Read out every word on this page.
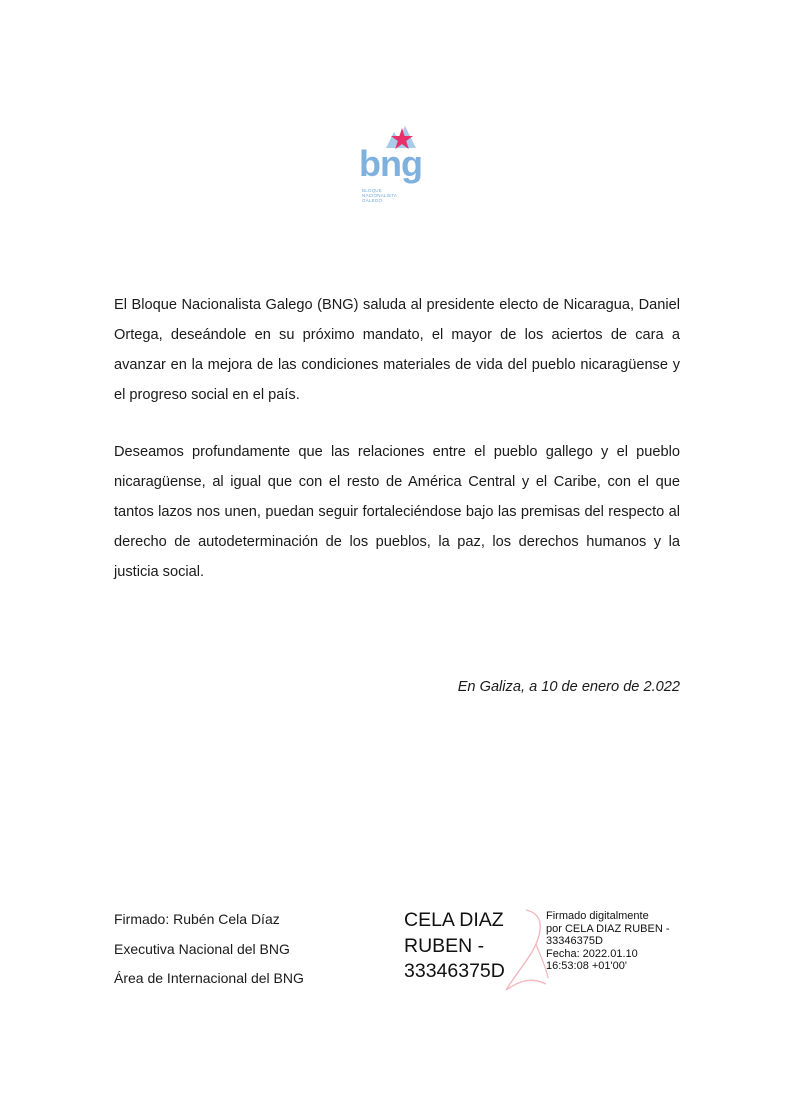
bng
BLOQUE
NACIONALISTA
GALEGO
El Bloque Nacionalista Galego (BNG) saluda al presidente electo de Nicaragua, Daniel Ortega, deseándole en su próximo mandato, el mayor de los aciertos de cara a avanzar en la mejora de las condiciones materiales de vida del pueblo nicaragüense y el progreso social en el país.
Deseamos profundamente que las relaciones entre el pueblo gallego y el pueblo nicaragüense, al igual que con el resto de América Central y el Caribe, con el que tantos lazos nos unen, puedan seguir fortaleciéndose bajo las premisas del respecto al derecho de autodeterminación de los pueblos, la paz, los derechos humanos y la justicia social.
En Galiza, a 10 de enero de 2.022
Firmado: Rubén Cela Díaz
Executiva Nacional del BNG
Área de Internacional del BNG
CELA DIAZ
RUBEN -
33346375D
Firmado digitalmente
por CELA DIAZ RUBEN -
33346375D
Fecha: 2022.01.10
16:53:08 +01'00'
